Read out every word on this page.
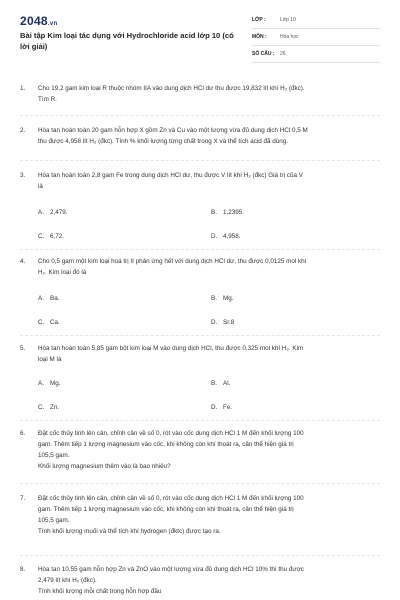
2048.vn
Bài tập Kim loại tác dụng với Hydrochloride acid lớp 10 (có lời giải)
LỚP :	Lớp 10
MÔN :	Hóa học
SỐ CÂU : 26
1.	Cho 19,2 gam kim loại R thuộc nhóm IIA vào dung dịch HCl dư thu được 19,832 lít khí H₂ (đkc).
Tìm R.
2.	Hòa tan hoàn toàn 20 gam hỗn hợp X gồm Zn và Cu vào một lượng vừa đủ dung dịch HCl 0,5 M
thu được 4,958 lít H₂ (đkc). Tính % khối lượng từng chất trong X và thể tích acid đã dùng.
3.	Hòa tan hoàn toàn 2,8 gam Fe trong dung dịch HCl dư, thu được V lít khí H₂ (đkc) Giá trị của V
là
A. 2,479.	B. 1,2395.
C. 6,72.	D. 4,958.
4.	Cho 0,5 gam một kim loại hoá trị II phản ứng hết với dung dịch HCl dư, thu được 0,0125 mol khí
H₂. Kim loại đó là
A. Ba.	B. Mg.
C. Ca.	D. Sr.8
5.	Hòa tan hoàn toàn 5,85 gam bột kim loại M vào dung dịch HCl, thu được 0,325 mol khí H₂. Kim
loại M là
A. Mg.	B. Al.
C. Zn.	D. Fe.
6.	Đặt cốc thủy tinh lên cân, chỉnh cân về số 0, rót vào cốc dung dịch HCl 1 M đến khối lượng 100
gam. Thêm tiếp 1 lượng magnesium vào cốc, khi không còn khí thoát ra, cân thể hiện giá trị
105,5 gam.
Khối lượng magnesium thêm vào là bao nhiêu?
7.	Đặt cốc thủy tinh lên cân, chỉnh cân về số 0, rót vào cốc dung dịch HCl 1 M đến khối lượng 100
gam. Thêm tiếp 1 lượng magnesium vào cốc, khi không còn khí thoát ra, cân thể hiện giá trị
105,5 gam.
Tính khối lượng muối và thể tích khí hydrogen (đktc) được tạo ra.
8.	Hòa tan 10,55 gam hỗn hợp Zn và ZnO vào một lượng vừa đủ dung dịch HCl 10% thì thu được
2,479 lít khí H₂ (đkc).
Tính khối lượng mỗi chất trong hỗn hợp đầu
